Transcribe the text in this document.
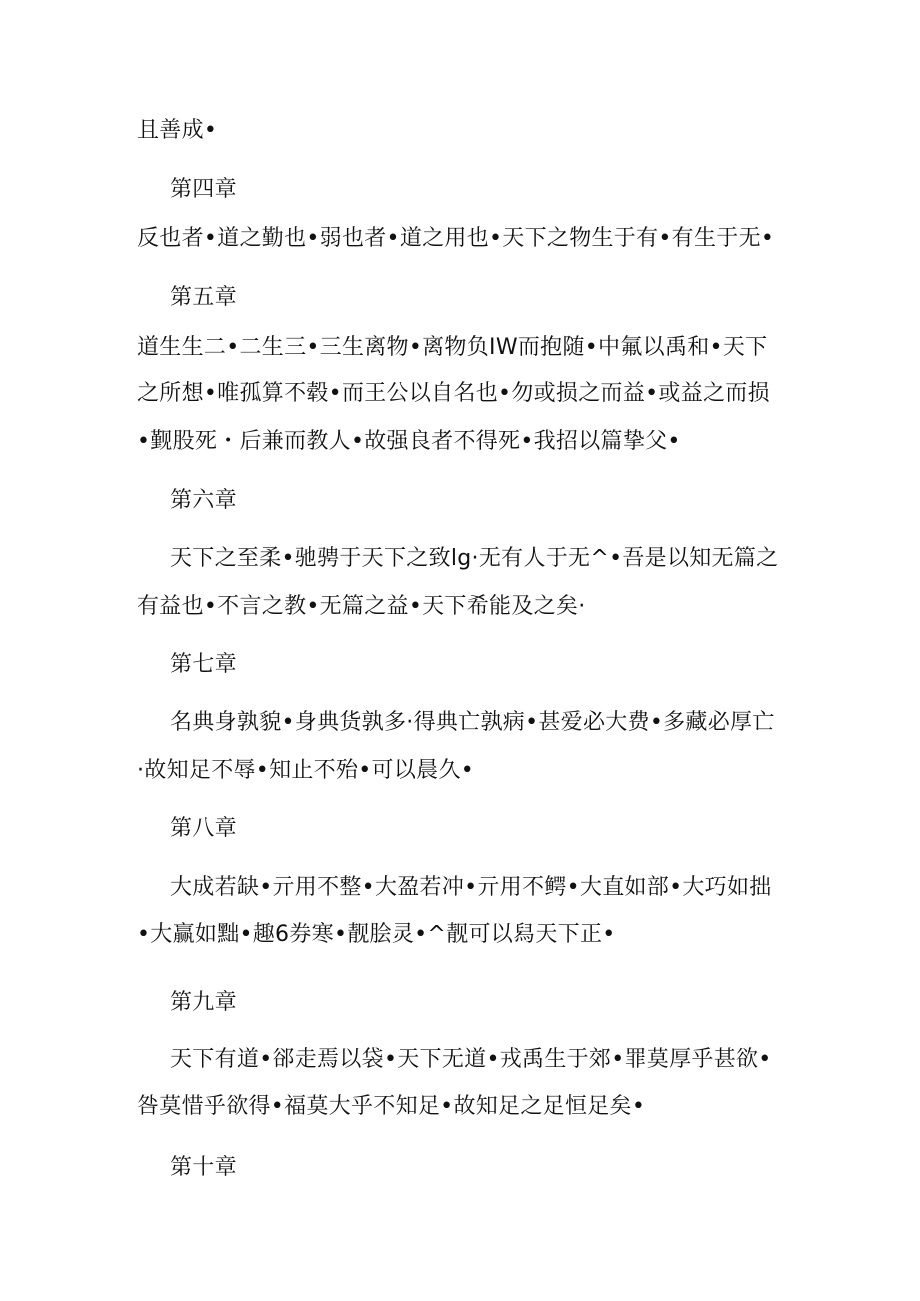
且善成•
第四章
反也者•道之勤也•弱也者•道之用也•天下之物生于有•有生于无•
第五章
道生生二•二生三•三生离物•离物负IW而抱随•中氟以禹和•天下
之所想•唯孤算不毂•而王公以自名也•勿或损之而益•或益之而损
•觐股死・后兼而教人•故强良者不得死•我招以篇挚父•
第六章
天下之至柔•驰骋于天下之致lg·无有人于无^•吾是以知无篇之
有益也•不言之教•无篇之益•天下希能及之矣·
第七章
名典身孰貌•身典货孰多·得典亡孰病•甚爱必大费•多藏必厚亡
·故知足不辱•知止不殆•可以晨久•
第八章
大成若缺•亓用不整•大盈若冲•亓用不鳄•大直如部•大巧如拙
•大赢如黜•趣6券寒•靓脍灵•^靓可以舄天下正•
第九章
天下有道•郤走焉以袋•天下无道•戎禹生于郊•罪莫厚乎甚欲•
咎莫惜乎欲得•福莫大乎不知足•故知足之足恒足矣•
第十章
